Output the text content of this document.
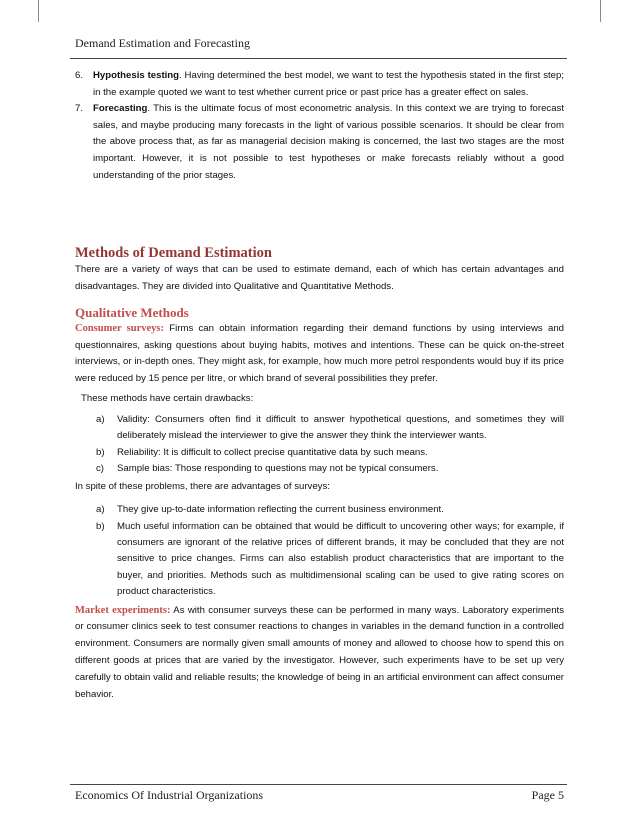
Demand Estimation and Forecasting
6. Hypothesis testing. Having determined the best model, we want to test the hypothesis stated in the first step; in the example quoted we want to test whether current price or past price has a greater effect on sales.
7. Forecasting. This is the ultimate focus of most econometric analysis. In this context we are trying to forecast sales, and maybe producing many forecasts in the light of various possible scenarios. It should be clear from the above process that, as far as managerial decision making is concerned, the last two stages are the most important. However, it is not possible to test hypotheses or make forecasts reliably without a good understanding of the prior stages.
Methods of Demand Estimation
There are a variety of ways that can be used to estimate demand, each of which has certain advantages and disadvantages. They are divided into Qualitative and Quantitative Methods.
Qualitative Methods
Consumer surveys: Firms can obtain information regarding their demand functions by using interviews and questionnaires, asking questions about buying habits, motives and intentions. These can be quick on-the-street interviews, or in-depth ones. They might ask, for example, how much more petrol respondents would buy if its price were reduced by 15 pence per litre, or which brand of several possibilities they prefer.
These methods have certain drawbacks:
a) Validity: Consumers often find it difficult to answer hypothetical questions, and sometimes they will deliberately mislead the interviewer to give the answer they think the interviewer wants.
b) Reliability: It is difficult to collect precise quantitative data by such means.
c) Sample bias: Those responding to questions may not be typical consumers.
In spite of these problems, there are advantages of surveys:
a) They give up-to-date information reflecting the current business environment.
b) Much useful information can be obtained that would be difficult to uncovering other ways; for example, if consumers are ignorant of the relative prices of different brands, it may be concluded that they are not sensitive to price changes. Firms can also establish product characteristics that are important to the buyer, and priorities. Methods such as multidimensional scaling can be used to give rating scores on product characteristics.
Market experiments: As with consumer surveys these can be performed in many ways. Laboratory experiments or consumer clinics seek to test consumer reactions to changes in variables in the demand function in a controlled environment. Consumers are normally given small amounts of money and allowed to choose how to spend this on different goods at prices that are varied by the investigator. However, such experiments have to be set up very carefully to obtain valid and reliable results; the knowledge of being in an artificial environment can affect consumer behavior.
Economics Of Industrial Organizations	Page 5
